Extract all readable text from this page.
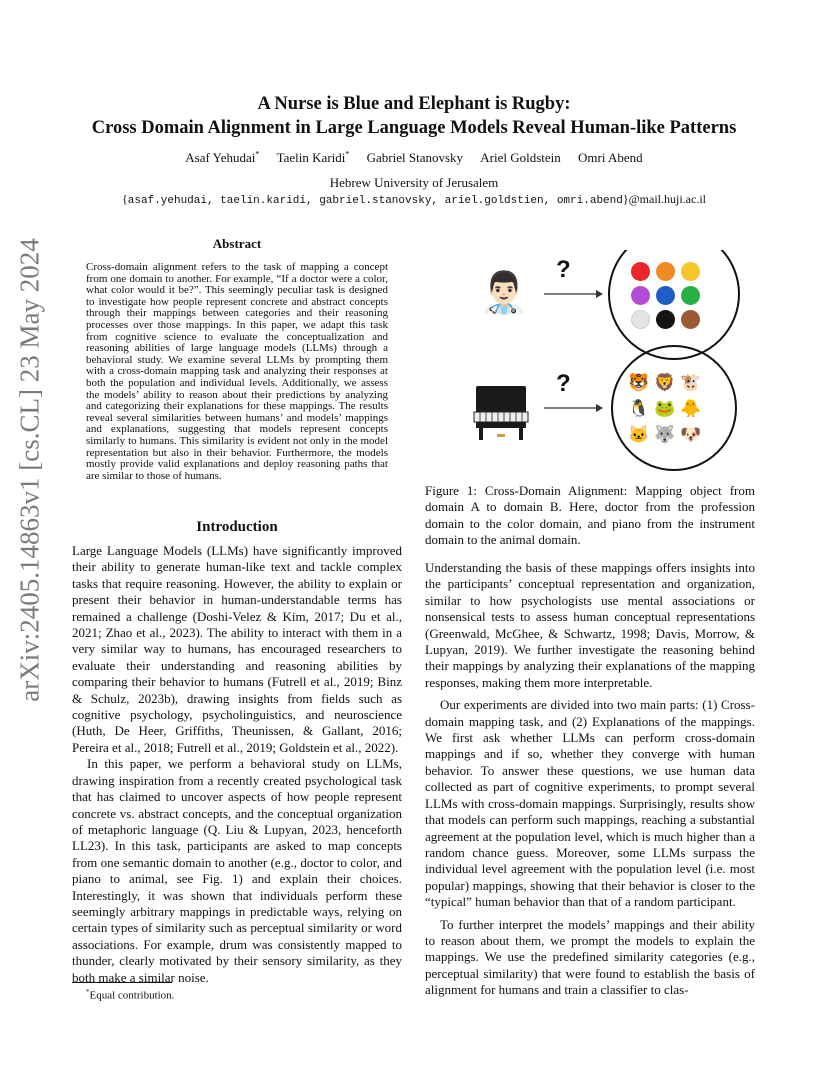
arXiv:2405.14863v1 [cs.CL] 23 May 2024
A Nurse is Blue and Elephant is Rugby:
Cross Domain Alignment in Large Language Models Reveal Human-like Patterns
Asaf Yehudai* Taelin Karidi* Gabriel Stanovsky Ariel Goldstein Omri Abend
Hebrew University of Jerusalem
{asaf.yehudai, taelin.karidi, gabriel.stanovsky, ariel.goldstien, omri.abend}@mail.huji.ac.il
Abstract
Cross-domain alignment refers to the task of mapping a concept from one domain to another. For example, “If a doctor were a color, what color would it be?”. This seemingly peculiar task is designed to investigate how people represent concrete and abstract concepts through their mappings between categories and their reasoning processes over those mappings. In this paper, we adapt this task from cognitive science to evaluate the conceptualization and reasoning abilities of large language models (LLMs) through a behavioral study. We examine several LLMs by prompting them with a cross-domain mapping task and analyzing their responses at both the population and individual levels. Additionally, we assess the models’ ability to reason about their predictions by analyzing and categorizing their explanations for these mappings. The results reveal several similarities between humans’ and models’ mappings and explanations, suggesting that models represent concepts similarly to humans. This similarity is evident not only in the model representation but also in their behavior. Furthermore, the models mostly provide valid explanations and deploy reasoning paths that are similar to those of humans.
Introduction

Large Language Models (LLMs) have significantly improved their ability to generate human-like text and tackle complex tasks that require reasoning. However, the ability to explain or present their behavior in human-understandable terms has remained a challenge (Doshi-Velez & Kim, 2017; Du et al., 2021; Zhao et al., 2023). The ability to interact with them in a very similar way to humans, has encouraged researchers to evaluate their understanding and reasoning abilities by comparing their behavior to humans (Futrell et al., 2019; Binz & Schulz, 2023b), drawing insights from fields such as cognitive psychology, psycholinguistics, and neuroscience (Huth, De Heer, Griffiths, Theunissen, & Gallant, 2016; Pereira et al., 2018; Futrell et al., 2019; Goldstein et al., 2022).

In this paper, we perform a behavioral study on LLMs, drawing inspiration from a recently created psychological task that has claimed to uncover aspects of how people represent concrete vs. abstract concepts, and the conceptual organization of metaphoric language (Q. Liu & Lupyan, 2023, henceforth LL23). In this task, participants are asked to map concepts from one semantic domain to another (e.g., doctor to color, and piano to animal, see Fig. 1) and explain their choices. Interestingly, it was shown that individuals perform these seemingly arbitrary mappings in predictable ways, relying on certain types of similarity such as perceptual similarity or word associations. For example, drum was consistently mapped to thunder, clearly motivated by their sensory similarity, as they both make a similar noise.

*Equal contribution.
👨🏻‍⚕️ ?
?	🐯 🦁 🐮
🐧 🐸 🐥
🐱 🐺 🐶
Figure 1: Cross-Domain Alignment: Mapping object from domain A to domain B. Here, doctor from the profession domain to the color domain, and piano from the instrument domain to the animal domain.

Understanding the basis of these mappings offers insights into the participants’ conceptual representation and organization, similar to how psychologists use mental associations or nonsensical tests to assess human conceptual representations (Greenwald, McGhee, & Schwartz, 1998; Davis, Morrow, & Lupyan, 2019). We further investigate the reasoning behind their mappings by analyzing their explanations of the mapping responses, making them more interpretable.

Our experiments are divided into two main parts: (1) Cross-domain mapping task, and (2) Explanations of the mappings. We first ask whether LLMs can perform cross-domain mappings and if so, whether they converge with human behavior. To answer these questions, we use human data collected as part of cognitive experiments, to prompt several LLMs with cross-domain mappings. Surprisingly, results show that models can perform such mappings, reaching a substantial agreement at the population level, which is much higher than a random chance guess. Moreover, some LLMs surpass the individual level agreement with the population level (i.e. most popular) mappings, showing that their behavior is closer to the “typical” human behavior than that of a random participant.

To further interpret the models’ mappings and their ability to reason about them, we prompt the models to explain the mappings. We use the predefined similarity categories (e.g., perceptual similarity) that were found to establish the basis of alignment for humans and train a classifier to clas-
